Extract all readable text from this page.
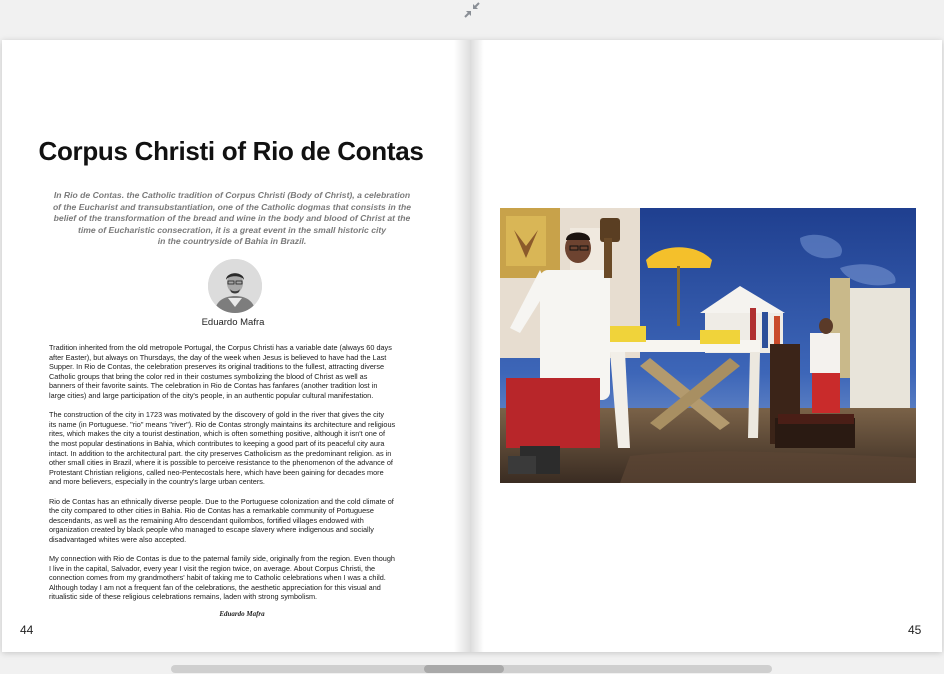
Corpus Christi of Rio de Contas
In Rio de Contas. the Catholic tradition of Corpus Christi (Body of Christ), a celebration
of the Eucharist and transubstantiation, one of the Catholic dogmas that consists in the
belief of the transformation of the bread and wine in the body and blood of Christ at the
time of Eucharistic consecration, it is a great event in the small historic city
in the countryside of Bahia in Brazil.
Eduardo Mafra

Tradition inherited from the old metropole Portugal, the Corpus Christi has a variable date (always 60 days
after Easter), but always on Thursdays, the day of the week when Jesus is believed to have had the Last
Supper. In Rio de Contas, the celebration preserves its original traditions to the fullest, attracting diverse
Catholic groups that bring the color red in their costumes symbolizing the blood of Christ as well as
banners of their favorite saints. The celebration in Rio de Contas has fanfares (another tradition lost in
large cities) and large participation of the city's people, in an authentic popular cultural manifestation.

The construction of the city in 1723 was motivated by the discovery of gold in the river that gives the city
its name (in Portuguese. "rio" means "river"). Rio de Contas strongly maintains its architecture and religious
rites, which makes the city a tourist destination, which is often something positive, although it isn't one of
the most popular destinations in Bahia, which contributes to keeping a good part of its peaceful city aura
intact. In addition to the architectural part. the city preserves Catholicism as the predominant religion. as in
other small cities in Brazil, where it is possible to perceive resistance to the phenomenon of the advance of
Protestant Christian religions, called neo-Pentecostals here, which have been gaining for decades more
and more believers, especially in the country's large urban centers.

Rio de Contas has an ethnically diverse people. Due to the Portuguese colonization and the cold climate of
the city compared to other cities in Bahia. Rio de Contas has a remarkable community of Portuguese
descendants, as well as the remaining Afro descendant quilombos, fortified villages endowed with
organization created by black people who managed to escape slavery where indigenous and socially
disadvantaged whites were also accepted.

My connection with Rio de Contas is due to the paternal family side, originally from the region. Even though
I live in the capital, Salvador, every year I visit the region twice, on average. About Corpus Christi, the
connection comes from my grandmothers' habit of taking me to Catholic celebrations when I was a child.
Although today I am not a frequent fan of the celebrations, the aesthetic appreciation for this visual and
ritualistic side of these religious celebrations remains, laden with strong symbolism.

Eduardo Mafra
44	45
